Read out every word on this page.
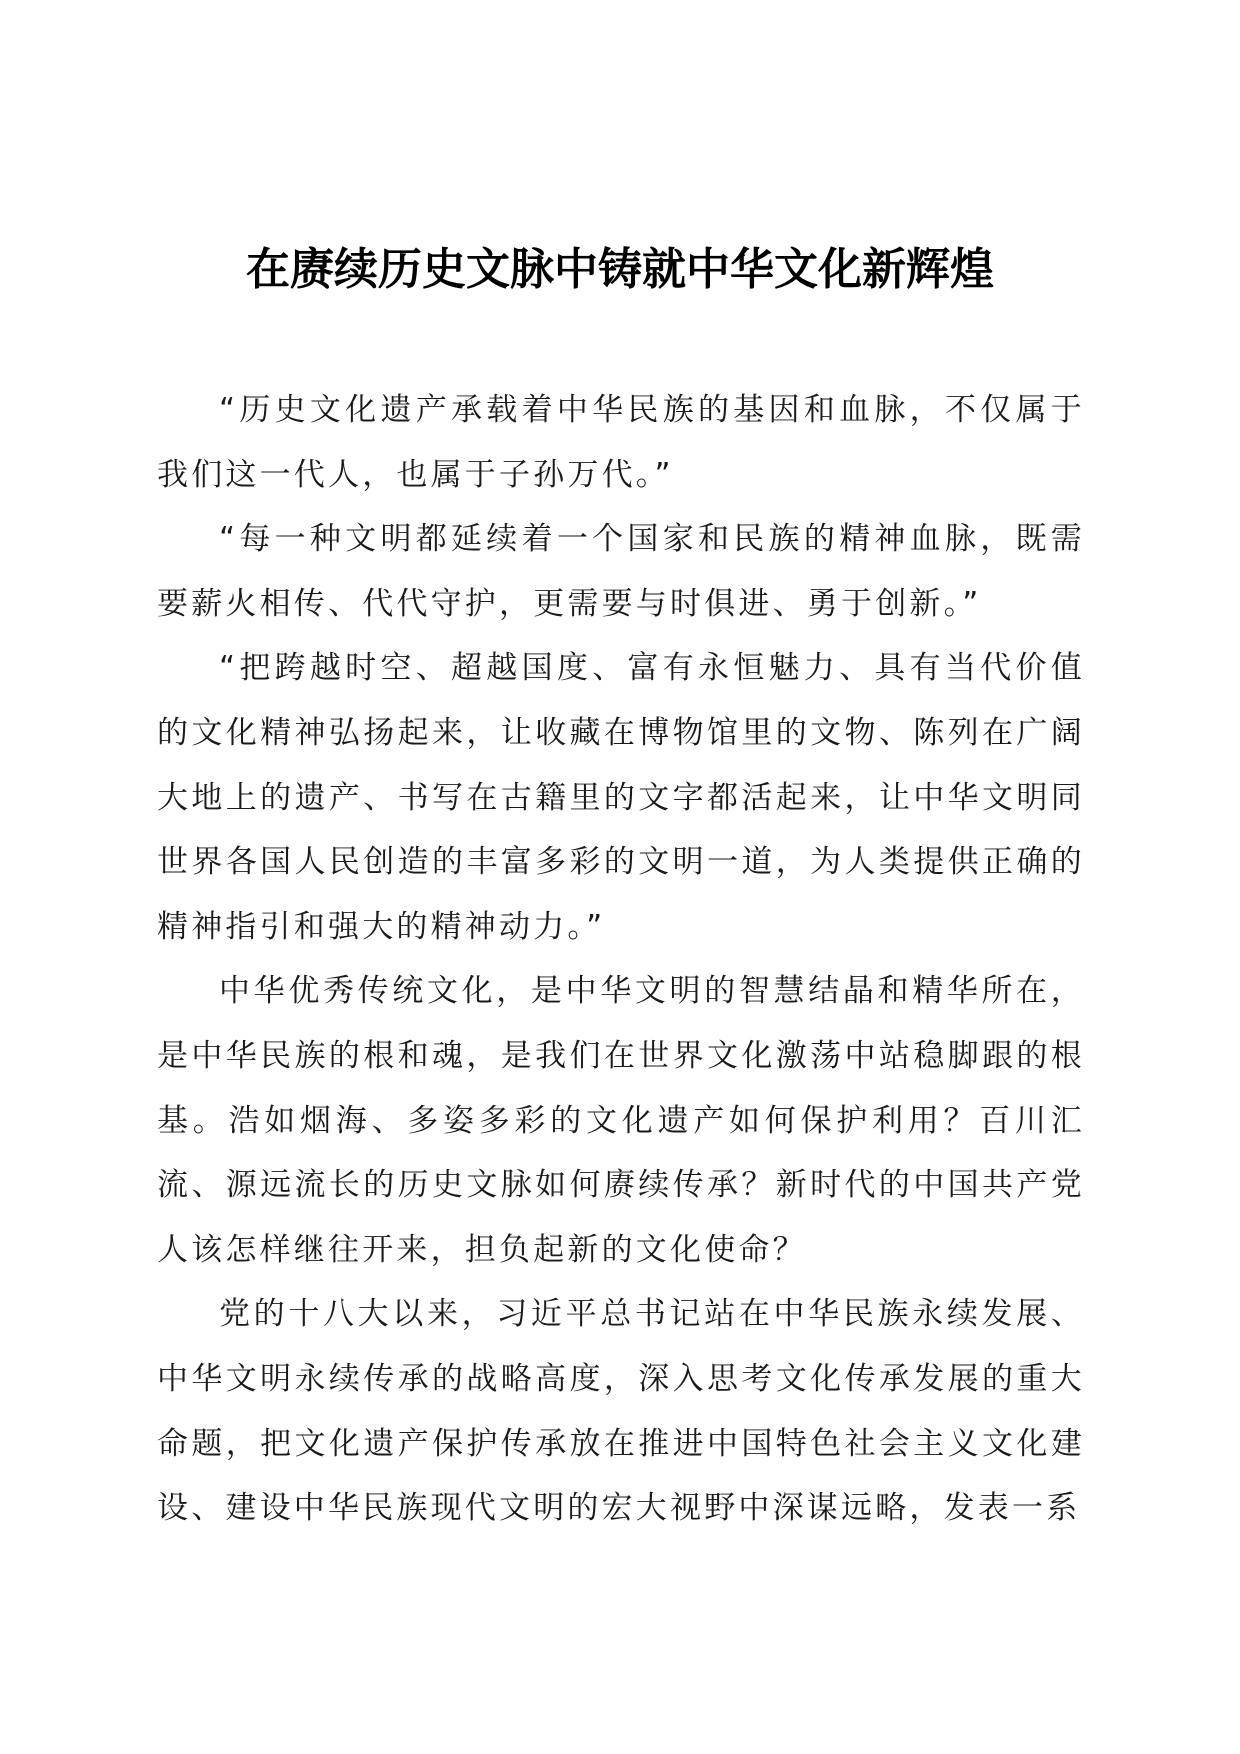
在赓续历史文脉中铸就中华文化新辉煌

“历史文化遗产承载着中华民族的基因和血脉，不仅属于我们这一代人，也属于子孙万代。”

“每一种文明都延续着一个国家和民族的精神血脉，既需要薪火相传、代代守护，更需要与时俱进、勇于创新。”

“把跨越时空、超越国度、富有永恒魅力、具有当代价值的文化精神弘扬起来，让收藏在博物馆里的文物、陈列在广阔大地上的遗产、书写在古籍里的文字都活起来，让中华文明同世界各国人民创造的丰富多彩的文明一道，为人类提供正确的精神指引和强大的精神动力。”

中华优秀传统文化，是中华文明的智慧结晶和精华所在，是中华民族的根和魂，是我们在世界文化激荡中站稳脚跟的根基。浩如烟海、多姿多彩的文化遗产如何保护利用？百川汇流、源远流长的历史文脉如何赓续传承？新时代的中国共产党人该怎样继往开来，担负起新的文化使命？

党的十八大以来，习近平总书记站在中华民族永续发展、中华文明永续传承的战略高度，深入思考文化传承发展的重大命题，把文化遗产保护传承放在推进中国特色社会主义文化建设、建设中华民族现代文明的宏大视野中深谋远略，发表一系
